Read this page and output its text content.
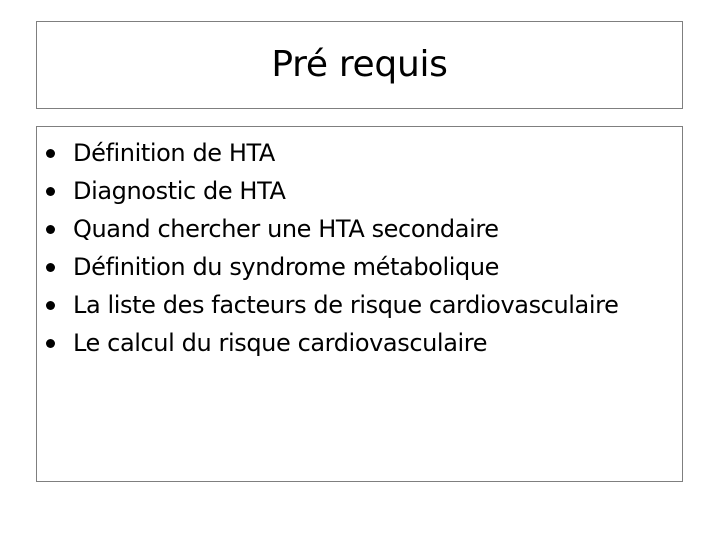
Pré requis
Définition de HTA
Diagnostic de HTA
Quand chercher une HTA secondaire
Définition du syndrome métabolique
La liste des facteurs de risque cardiovasculaire
Le calcul du risque cardiovasculaire
